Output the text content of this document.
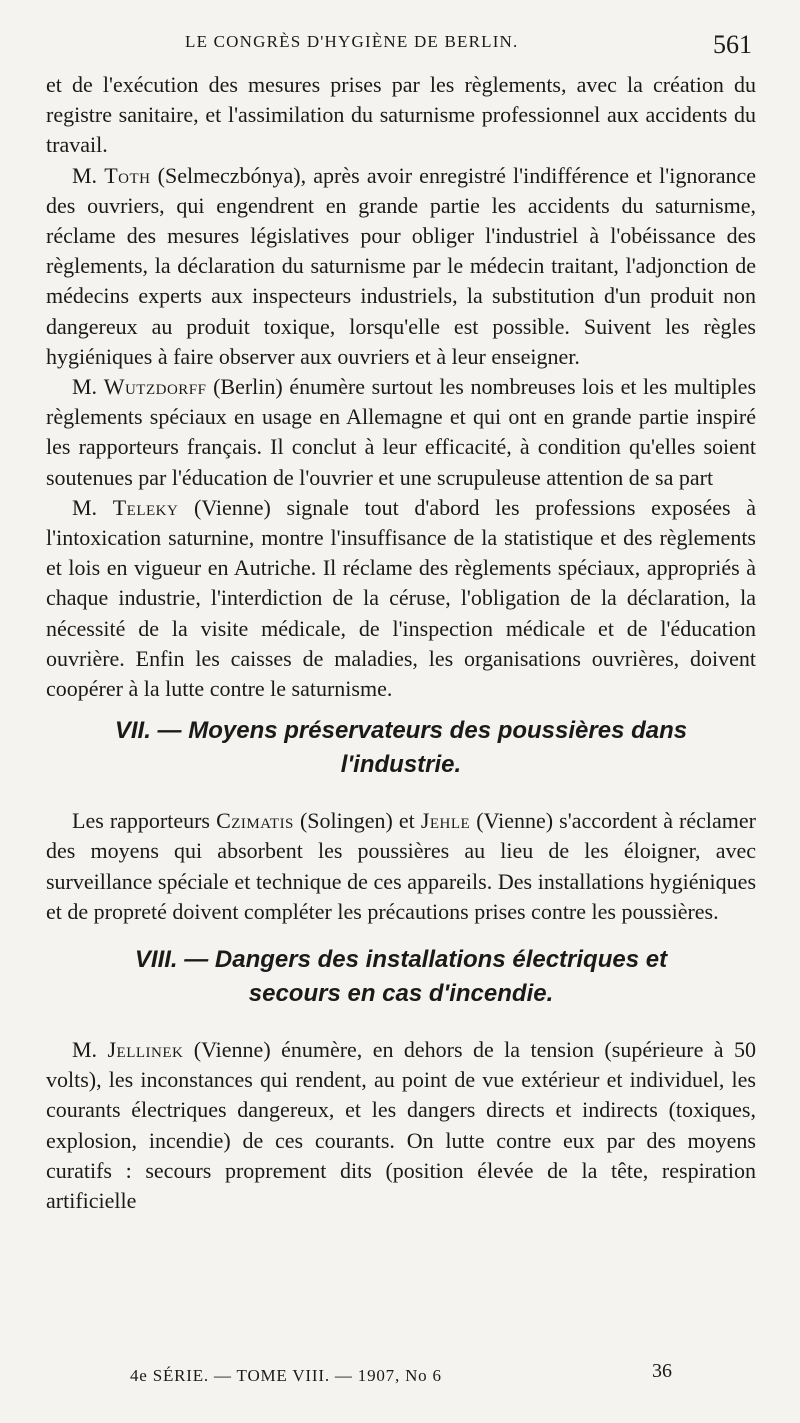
LE CONGRÈS D'HYGIÈNE DE BERLIN.	561

et de l'exécution des mesures prises par les règlements, avec la création du registre sanitaire, et l'assimilation du saturnisme professionnel aux accidents du travail.

M. Toth (Selmeczbónya), après avoir enregistré l'indifférence et l'ignorance des ouvriers, qui engendrent en grande partie les accidents du saturnisme, réclame des mesures législatives pour obliger l'industriel à l'obéissance des règlements, la déclaration du saturnisme par le médecin traitant, l'adjonction de médecins experts aux inspecteurs industriels, la substitution d'un produit non dangereux au produit toxique, lorsqu'elle est possible. Suivent les règles hygiéniques à faire observer aux ouvriers et à leur enseigner.

M. Wutzdorff (Berlin) énumère surtout les nombreuses lois et les multiples règlements spéciaux en usage en Allemagne et qui ont en grande partie inspiré les rapporteurs français. Il conclut à leur efficacité, à condition qu'elles soient soutenues par l'éducation de l'ouvrier et une scrupuleuse attention de sa part

M. Teleky (Vienne) signale tout d'abord les professions exposées à l'intoxication saturnine, montre l'insuffisance de la statistique et des règlements et lois en vigueur en Autriche. Il réclame des règlements spéciaux, appropriés à chaque industrie, l'interdiction de la céruse, l'obligation de la déclaration, la nécessité de la visite médicale, de l'inspection médicale et de l'éducation ouvrière. Enfin les caisses de maladies, les organisations ouvrières, doivent coopérer à la lutte contre le saturnisme.

VII. — Moyens préservateurs des poussières dans
l'industrie.

Les rapporteurs Czimatis (Solingen) et Jehle (Vienne) s'accordent à réclamer des moyens qui absorbent les poussières au lieu de les éloigner, avec surveillance spéciale et technique de ces appareils. Des installations hygiéniques et de propreté doivent compléter les précautions prises contre les poussières.

VIII. — Dangers des installations électriques et
secours en cas d'incendie.

M. Jellinek (Vienne) énumère, en dehors de la tension (supérieure à 50 volts), les inconstances qui rendent, au point de vue extérieur et individuel, les courants électriques dangereux, et les dangers directs et indirects (toxiques, explosion, incendie) de ces courants. On lutte contre eux par des moyens curatifs : secours proprement dits (position élevée de la tête, respiration artificielle

4e SÉRIE. — TOME VIII. — 1907, No 6	36
